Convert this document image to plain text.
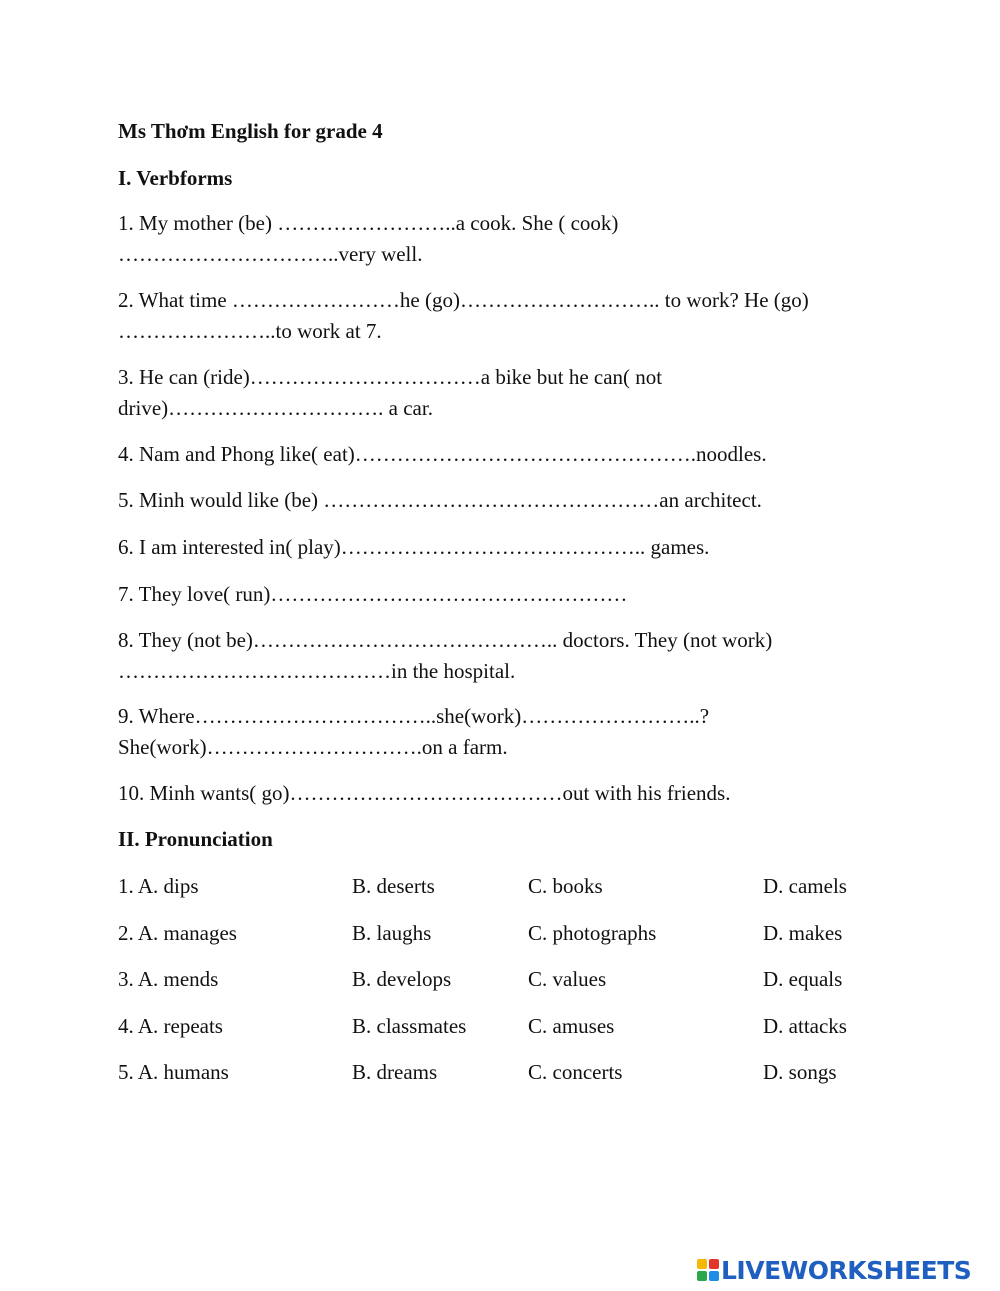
Ms Thơm English for grade 4
I. Verbforms

1. My mother (be) ……………………..a cook. She ( cook)

…………………………..very well.

2. What time ……………………he (go)……………………….. to work? He (go)

…………………..to work at 7.

3. He can (ride)……………………………a bike but he can( not

drive)…………………………. a car.

4. Nam and Phong like( eat)………………………………………….noodles.

5. Minh would like (be) …………………………………………an architect.

6. I am interested in( play)…………………………………….. games.

7. They love( run)……………………………………………

8. They (not be)…………………………………….. doctors. They (not work)

…………………………………in the hospital.

9. Where……………………………..she(work)……………………..?

She(work)………………………….on a farm.

10. Minh wants( go)…………………………………out with his friends.

II. Pronunciation
1. A. dips	B. deserts	C. books	D. camels
2. A. manages	B. laughs	C. photographs	D. makes
3. A. mends	B. develops	C. values	D. equals
4. A. repeats	B. classmates	C. amuses	D. attacks
5. A. humans	B. dreams	C. concerts	D. songs
LIVEWORKSHEETS
